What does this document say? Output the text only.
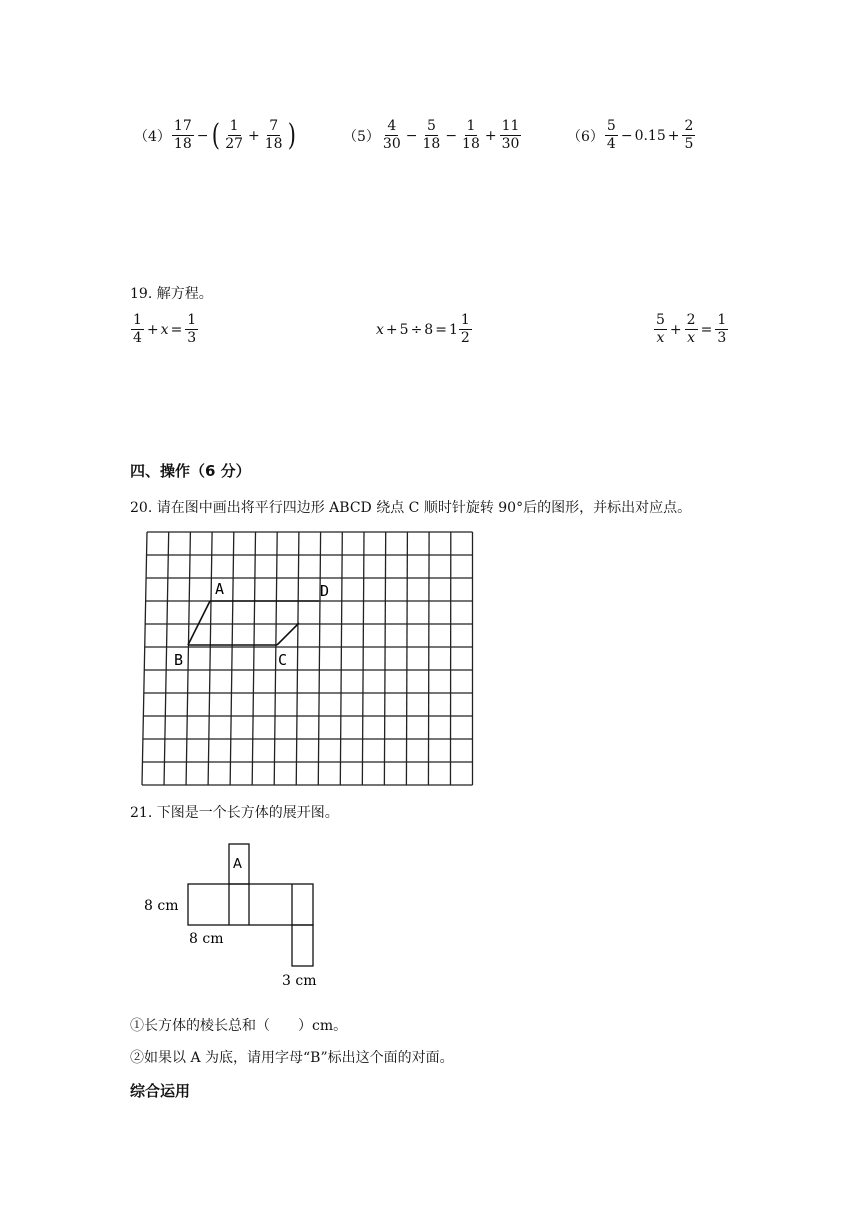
$(4) \frac{17}{18}$ − ( $\frac{1}{27} + \frac{7}{18}$ )	$(5) \frac{4}{30} - \frac{5}{18} - \frac{1}{18} + \frac{11}{30}$	$(6) \frac{5}{4} - 0.15 + \frac{2}{5}$
19. 解方程。
$\frac{1}{4} + x = \frac{1}{3}$	$x + 5 \div 8 = 1 \frac{1}{2}$	$\frac{5}{x} + \frac{2}{x} = \frac{1}{3}$
四、操作（6 分）
20. 请在图中画出将平行四边形 ABCD 绕点 C 顺时针旋转 90°后的图形，并标出对应点。
A	D
B	C
21. 下图是一个长方体的展开图。
A
8 cm
8 cm
3 cm
①长方体的棱长总和（　　）cm。
②如果以 A 为底，请用字母“B”标出这个面的对面。
综合运用
